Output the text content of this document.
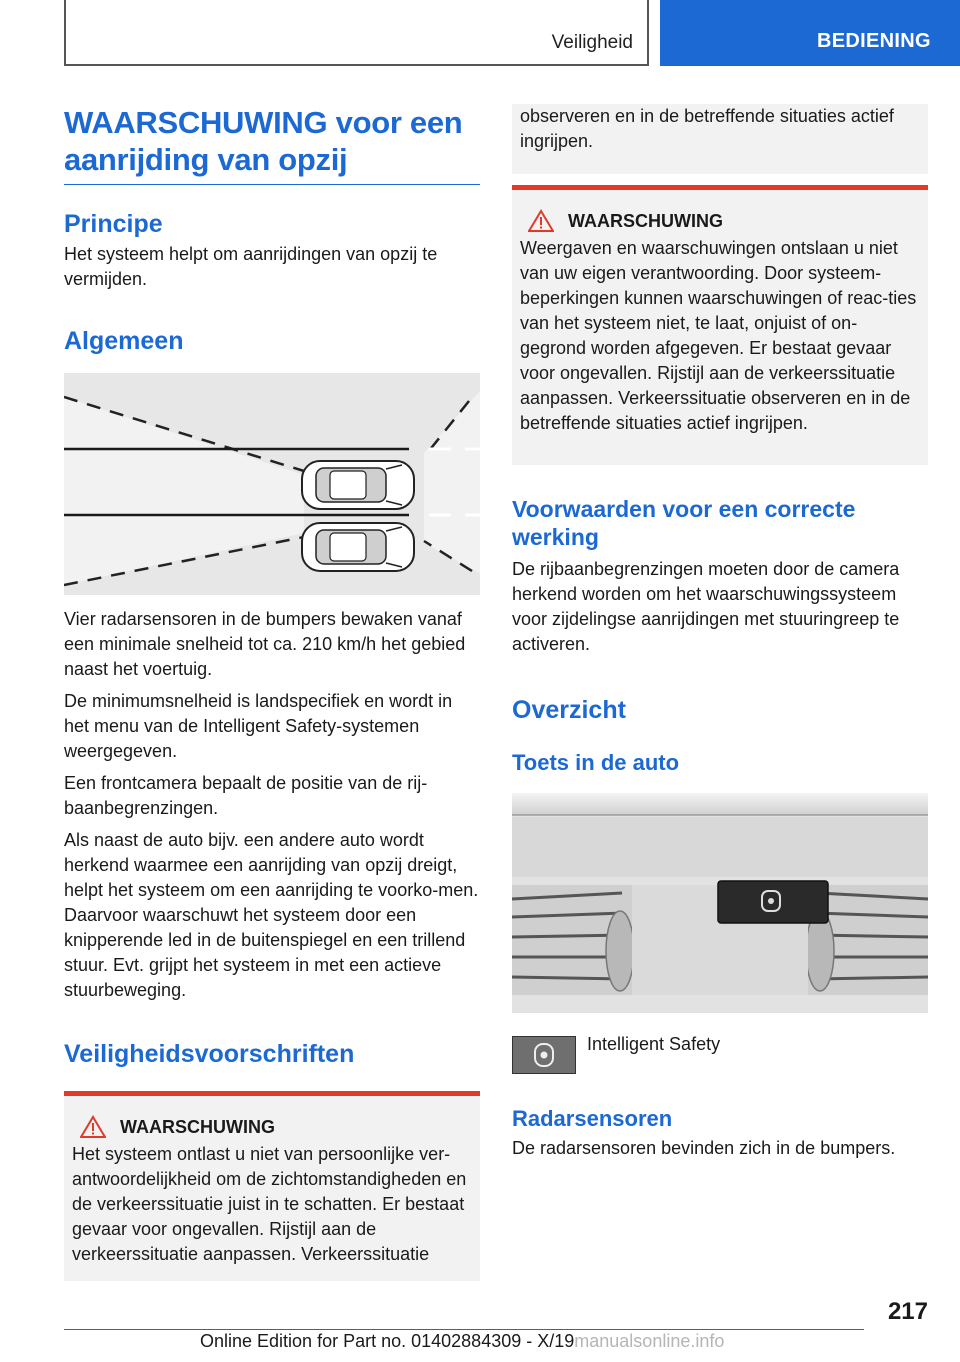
Veiligheid	BEDIENING
WAARSCHUWING voor een aanrijding van opzij
Principe

Het systeem helpt om aanrijdingen van opzij te vermijden.

Algemeen

Vier radarsensoren in de bumpers bewaken vanaf een minimale snelheid tot ca. 210 km/h het gebied naast het voertuig.

De minimumsnelheid is landspecifiek en wordt in het menu van de Intelligent Safety-systemen weergegeven.

Een frontcamera bepaalt de positie van de rij-baanbegrenzingen.

Als naast de auto bijv. een andere auto wordt herkend waarmee een aanrijding van opzij dreigt, helpt het systeem om een aanrijding te voorko-men. Daarvoor waarschuwt het systeem door een knipperende led in de buitenspiegel en een trillend stuur. Evt. grijpt het systeem in met een actieve stuurbeweging.

Veiligheidsvoorschriften
WAARSCHUWING

Het systeem ontlast u niet van persoonlijke ver-antwoordelijkheid om de zichtomstandigheden en de verkeerssituatie juist in te schatten. Er bestaat gevaar voor ongevallen. Rijstijl aan de verkeerssituatie aanpassen. Verkeerssituatie

observeren en in de betreffende situaties actief ingrijpen.

WAARSCHUWING

Weergaven en waarschuwingen ontslaan u niet van uw eigen verantwoording. Door systeem-beperkingen kunnen waarschuwingen of reac-ties van het systeem niet, te laat, onjuist of on-gegrond worden afgegeven. Er bestaat gevaar voor ongevallen. Rijstijl aan de verkeerssituatie aanpassen. Verkeerssituatie observeren en in de betreffende situaties actief ingrijpen.

Voorwaarden voor een correcte werking

De rijbaanbegrenzingen moeten door de camera herkend worden om het waarschuwingssysteem voor zijdelingse aanrijdingen met stuuringreep te activeren.

Overzicht
Toets in de auto
Intelligent Safety
Radarsensoren

De radarsensoren bevinden zich in de bumpers.

217
Online Edition for Part no. 01402884309 - X/19manualsonline.info
